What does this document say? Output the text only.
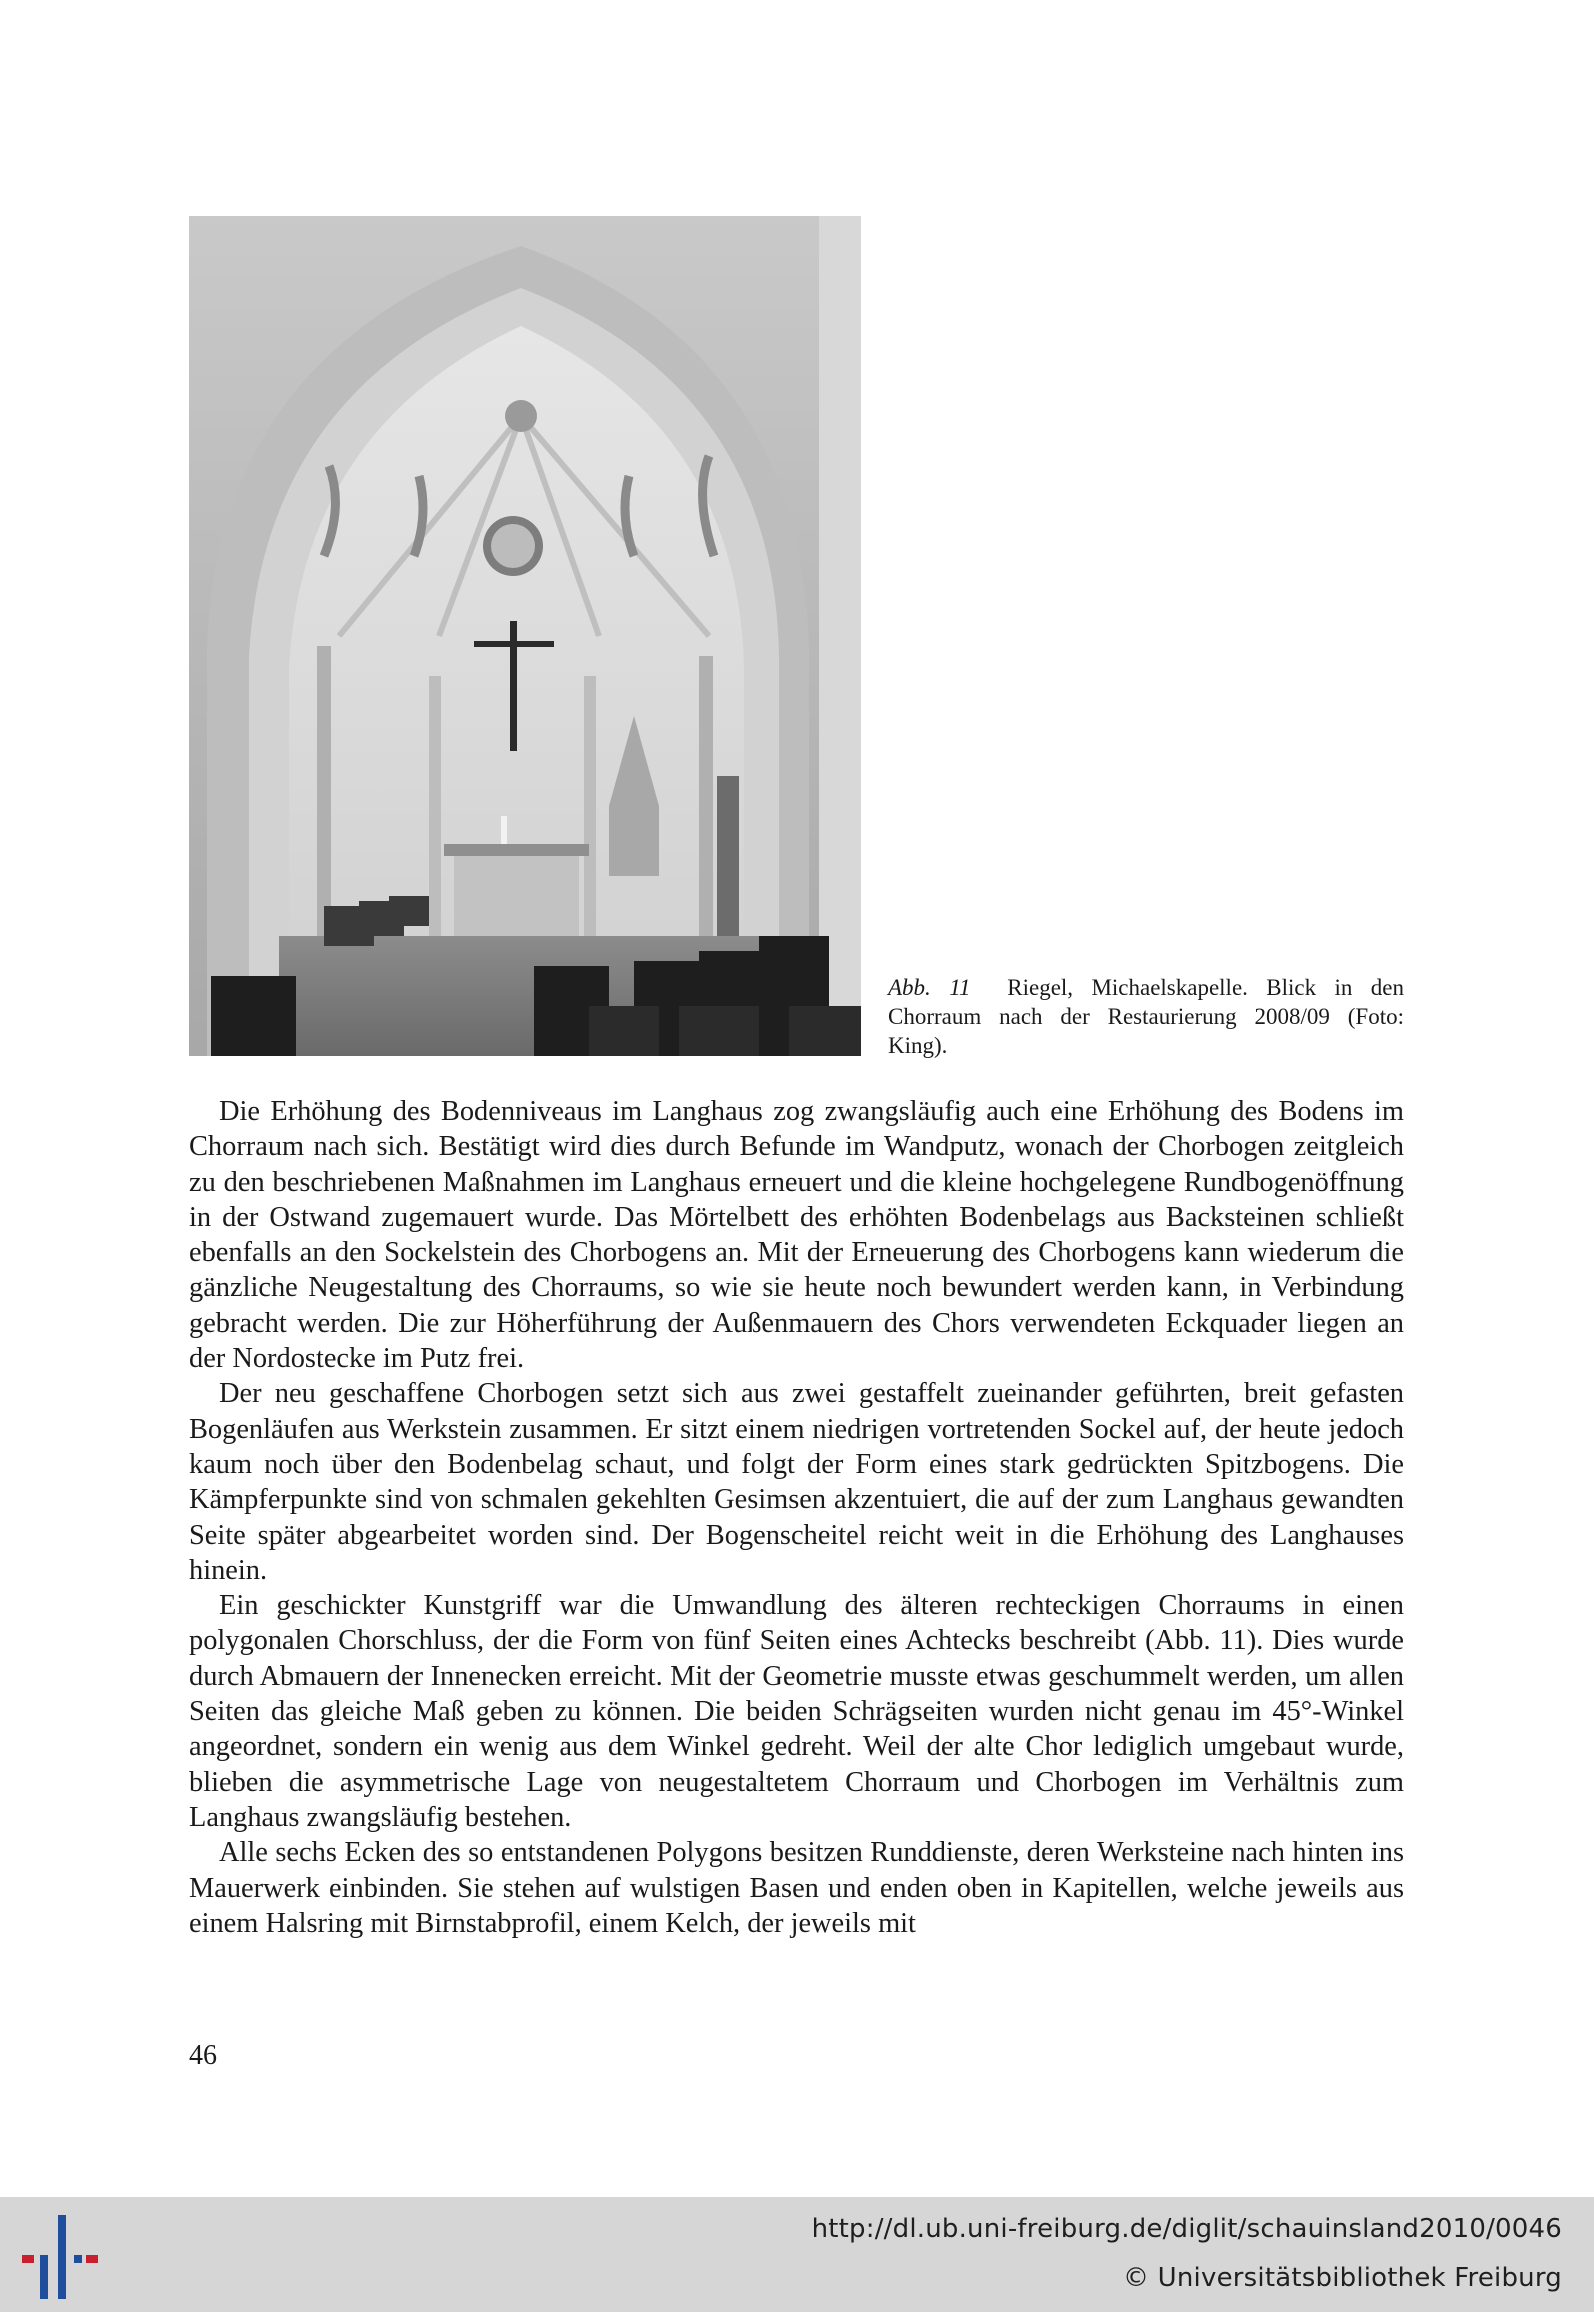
Abb. 11 Riegel, Michaelskapelle. Blick in den Chorraum nach der Restaurierung 2008/09 (Foto: King).

Die Erhöhung des Bodenniveaus im Langhaus zog zwangsläufig auch eine Erhöhung des Bodens im Chorraum nach sich. Bestätigt wird dies durch Befunde im Wandputz, wonach der Chorbogen zeitgleich zu den beschriebenen Maßnahmen im Langhaus erneuert und die kleine hochgelegene Rundbogenöffnung in der Ostwand zugemauert wurde. Das Mörtelbett des erhöhten Bodenbelags aus Backsteinen schließt ebenfalls an den Sockelstein des Chorbogens an. Mit der Erneuerung des Chorbogens kann wiederum die gänzliche Neugestaltung des Chorraums, so wie sie heute noch bewundert werden kann, in Verbindung gebracht werden. Die zur Höherführung der Außenmauern des Chors verwendeten Eckquader liegen an der Nordostecke im Putz frei.

Der neu geschaffene Chorbogen setzt sich aus zwei gestaffelt zueinander geführten, breit gefasten Bogenläufen aus Werkstein zusammen. Er sitzt einem niedrigen vortretenden Sockel auf, der heute jedoch kaum noch über den Bodenbelag schaut, und folgt der Form eines stark gedrückten Spitzbogens. Die Kämpferpunkte sind von schmalen gekehlten Gesimsen akzentuiert, die auf der zum Langhaus gewandten Seite später abgearbeitet worden sind. Der Bogenscheitel reicht weit in die Erhöhung des Langhauses hinein.

Ein geschickter Kunstgriff war die Umwandlung des älteren rechteckigen Chorraums in einen polygonalen Chorschluss, der die Form von fünf Seiten eines Achtecks beschreibt (Abb. 11). Dies wurde durch Abmauern der Innenecken erreicht. Mit der Geometrie musste etwas geschummelt werden, um allen Seiten das gleiche Maß geben zu können. Die beiden Schrägseiten wurden nicht genau im 45°-Winkel angeordnet, sondern ein wenig aus dem Winkel gedreht. Weil der alte Chor lediglich umgebaut wurde, blieben die asymmetrische Lage von neugestaltetem Chorraum und Chorbogen im Verhältnis zum Langhaus zwangsläufig bestehen.

Alle sechs Ecken des so entstandenen Polygons besitzen Runddienste, deren Werksteine nach hinten ins Mauerwerk einbinden. Sie stehen auf wulstigen Basen und enden oben in Kapitellen, welche jeweils aus einem Halsring mit Birnstabprofil, einem Kelch, der jeweils mit

46
http://dl.ub.uni-freiburg.de/diglit/schauinsland2010/0046
© Universitätsbibliothek Freiburg
